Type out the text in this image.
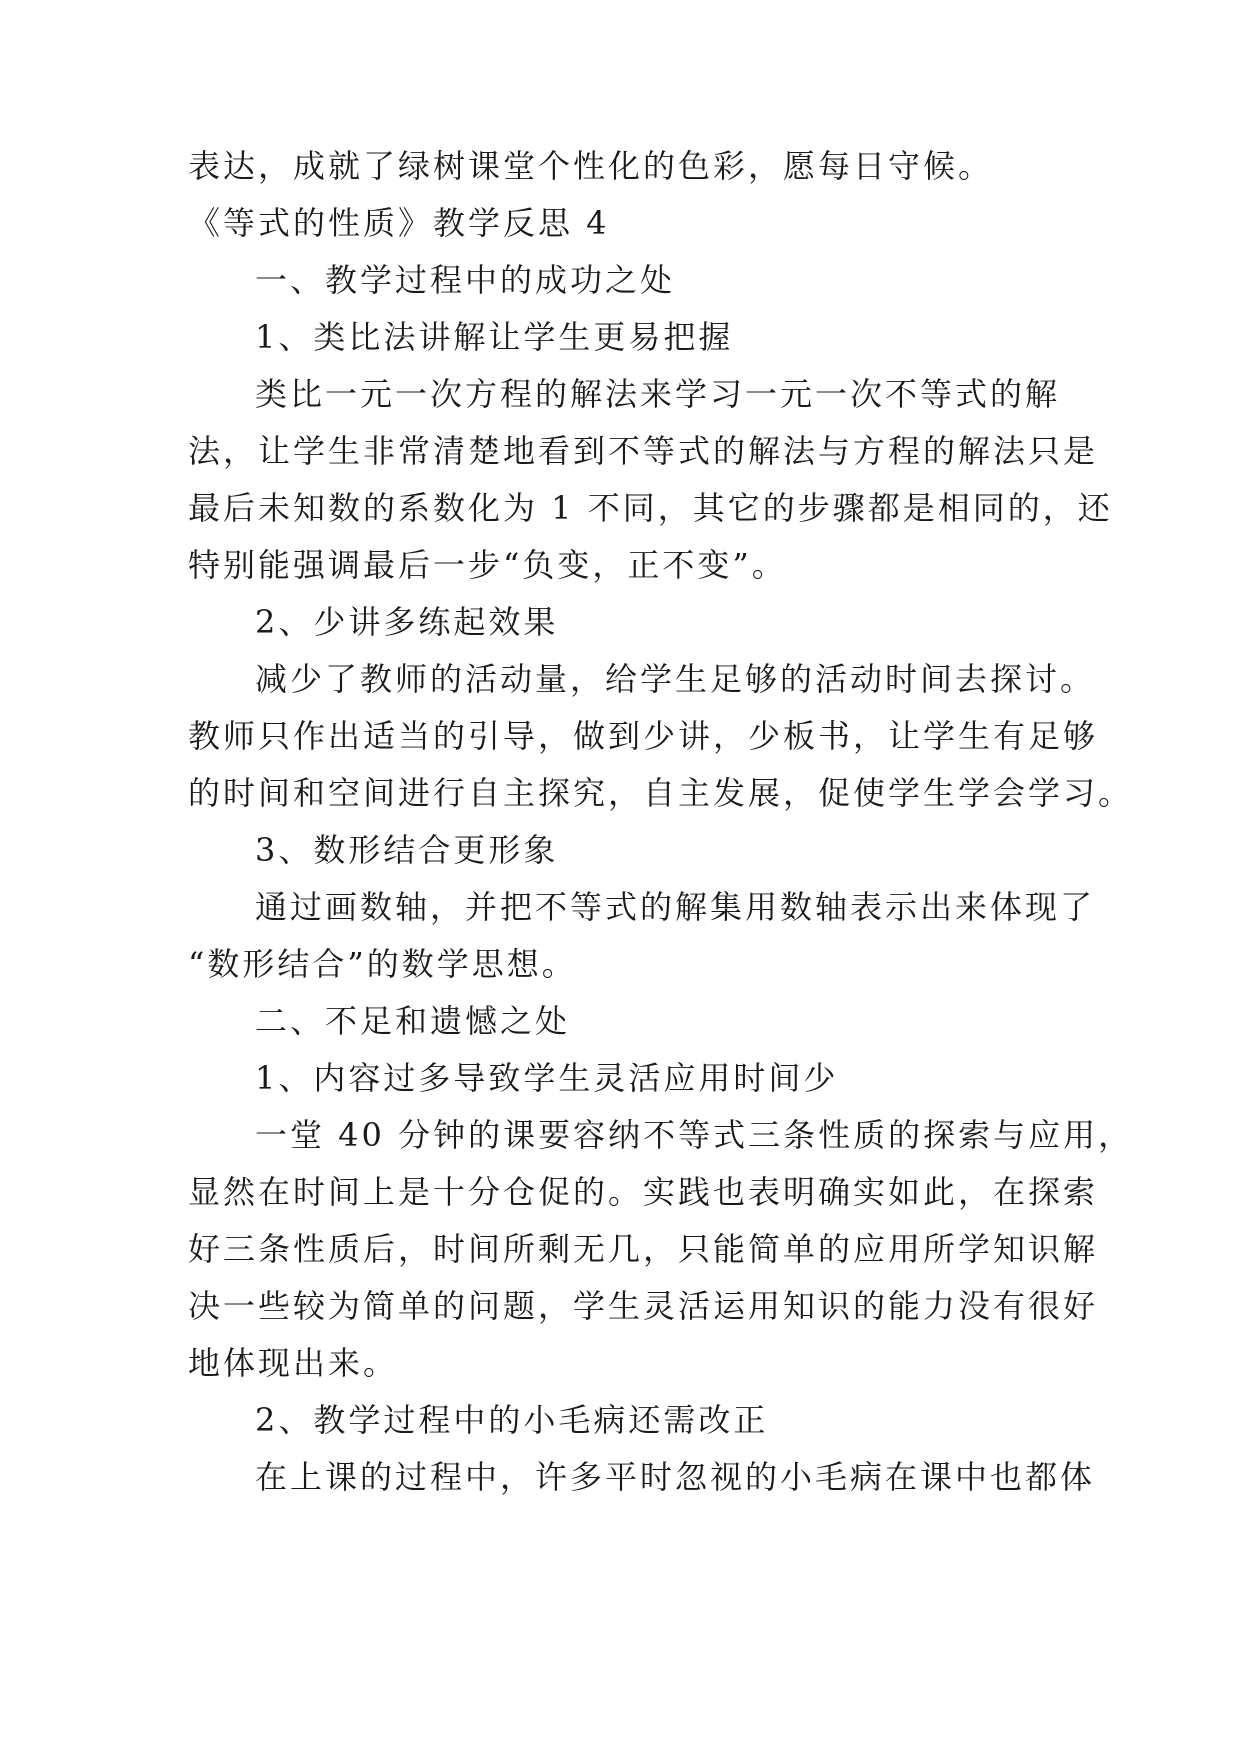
表达，成就了绿树课堂个性化的色彩，愿每日守候。
《等式的性质》教学反思 4
一、教学过程中的成功之处
1、类比法讲解让学生更易把握
类比一元一次方程的解法来学习一元一次不等式的解
法，让学生非常清楚地看到不等式的解法与方程的解法只是
最后未知数的系数化为 1 不同，其它的步骤都是相同的，还
特别能强调最后一步“负变，正不变”。
2、少讲多练起效果
减少了教师的活动量，给学生足够的活动时间去探讨。
教师只作出适当的引导，做到少讲，少板书，让学生有足够
的时间和空间进行自主探究，自主发展，促使学生学会学习。
3、数形结合更形象
通过画数轴，并把不等式的解集用数轴表示出来体现了
“数形结合”的数学思想。
二、不足和遗憾之处
1、内容过多导致学生灵活应用时间少
一堂 40 分钟的课要容纳不等式三条性质的探索与应用，
显然在时间上是十分仓促的。实践也表明确实如此，在探索
好三条性质后，时间所剩无几，只能简单的应用所学知识解
决一些较为简单的问题，学生灵活运用知识的能力没有很好
地体现出来。
2、教学过程中的小毛病还需改正
在上课的过程中，许多平时忽视的小毛病在课中也都体
